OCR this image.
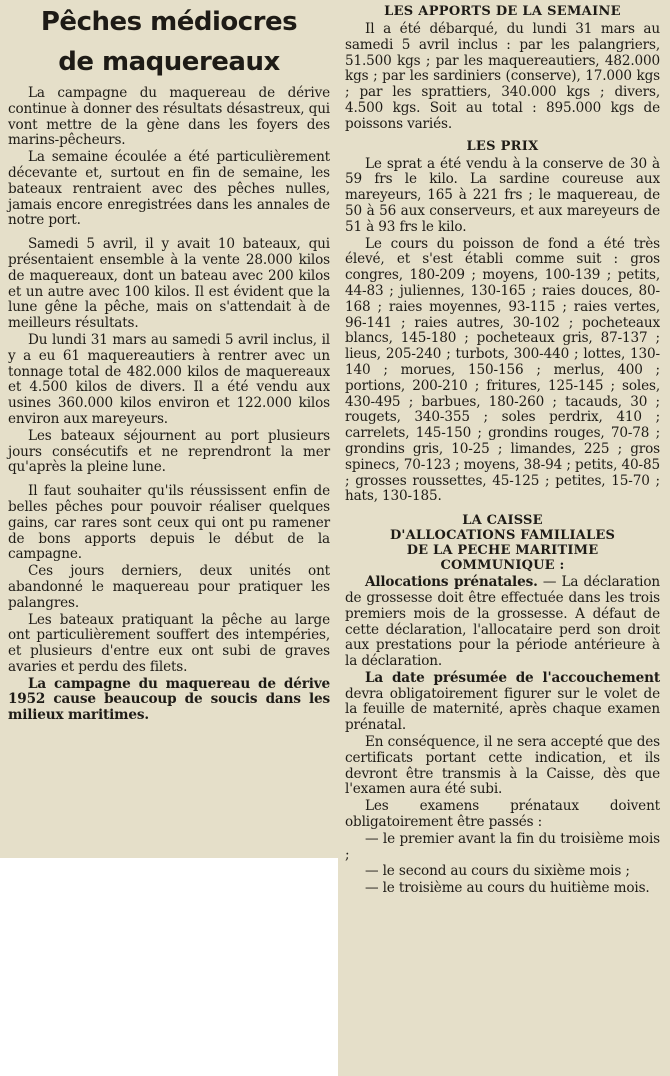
Pêches médiocres
de maquereaux

La campagne du maquereau de dérive continue à donner des résultats désastreux, qui vont mettre de la gène dans les foyers des marins-pêcheurs.

La semaine écoulée a été particulièrement décevante et, surtout en fin de semaine, les bateaux rentraient avec des pêches nulles, jamais encore enregistrées dans les annales de notre port.

Samedi 5 avril, il y avait 10 bateaux, qui présentaient ensemble à la vente 28.000 kilos de maquereaux, dont un bateau avec 200 kilos et un autre avec 100 kilos. Il est évident que la lune gêne la pêche, mais on s'attendait à de meilleurs résultats.

Du lundi 31 mars au samedi 5 avril inclus, il y a eu 61 maquereautiers à rentrer avec un tonnage total de 482.000 kilos de maquereaux et 4.500 kilos de divers. Il a été vendu aux usines 360.000 kilos environ et 122.000 kilos environ aux mareyeurs.

Les bateaux séjournent au port plusieurs jours consécutifs et ne reprendront la mer qu'après la pleine lune.

Il faut souhaiter qu'ils réussissent enfin de belles pêches pour pouvoir réaliser quelques gains, car rares sont ceux qui ont pu ramener de bons apports depuis le début de la campagne.

Ces jours derniers, deux unités ont abandonné le maquereau pour pratiquer les palangres.

Les bateaux pratiquant la pêche au large ont particulièrement souffert des intempéries, et plusieurs d'entre eux ont subi de graves avaries et perdu des filets.

La campagne du maquereau de dérive 1952 cause beaucoup de soucis dans les milieux maritimes.

LES APPORTS DE LA SEMAINE

Il a été débarqué, du lundi 31 mars au samedi 5 avril inclus : par les palangriers, 51.500 kgs ; par les maquereautiers, 482.000 kgs ; par les sardiniers (conserve), 17.000 kgs ; par les sprattiers, 340.000 kgs ; divers, 4.500 kgs. Soit au total : 895.000 kgs de poissons variés.

LES PRIX

Le sprat a été vendu à la conserve de 30 à 59 frs le kilo. La sardine coureuse aux mareyeurs, 165 à 221 frs ; le maquereau, de 50 à 56 aux conserveurs, et aux mareyeurs de 51 à 93 frs le kilo.

Le cours du poisson de fond a été très élevé, et s'est établi comme suit : gros congres, 180-209 ; moyens, 100-139 ; petits, 44-83 ; juliennes, 130-165 ; raies douces, 80-168 ; raies moyennes, 93-115 ; raies vertes, 96-141 ; raies autres, 30-102 ; pocheteaux blancs, 145-180 ; pocheteaux gris, 87-137 ; lieus, 205-240 ; turbots, 300-440 ; lottes, 130-140 ; morues, 150-156 ; merlus, 400 ; portions, 200-210 ; fritures, 125-145 ; soles, 430-495 ; barbues, 180-260 ; tacauds, 30 ; rougets, 340-355 ; soles perdrix, 410 ; carrelets, 145-150 ; grondins rouges, 70-78 ; grondins gris, 10-25 ; limandes, 225 ; gros spinecs, 70-123 ; moyens, 38-94 ; petits, 40-85 ; grosses roussettes, 45-125 ; petites, 15-70 ; hats, 130-185.

LA CAISSE
D'ALLOCATIONS FAMILIALES
DE LA PECHE MARITIME
COMMUNIQUE :

Allocations prénatales. — La déclaration de grossesse doit être effectuée dans les trois premiers mois de la grossesse. A défaut de cette déclaration, l'allocataire perd son droit aux prestations pour la période antérieure à la déclaration.

La date présumée de l'accouchement devra obligatoirement figurer sur le volet de la feuille de maternité, après chaque examen prénatal.

En conséquence, il ne sera accepté que des certificats portant cette indication, et ils devront être transmis à la Caisse, dès que l'examen aura été subi.

Les examens prénataux doivent obligatoirement être passés :

— le premier avant la fin du troisième mois ;

— le second au cours du sixième mois ;

— le troisième au cours du huitième mois.
